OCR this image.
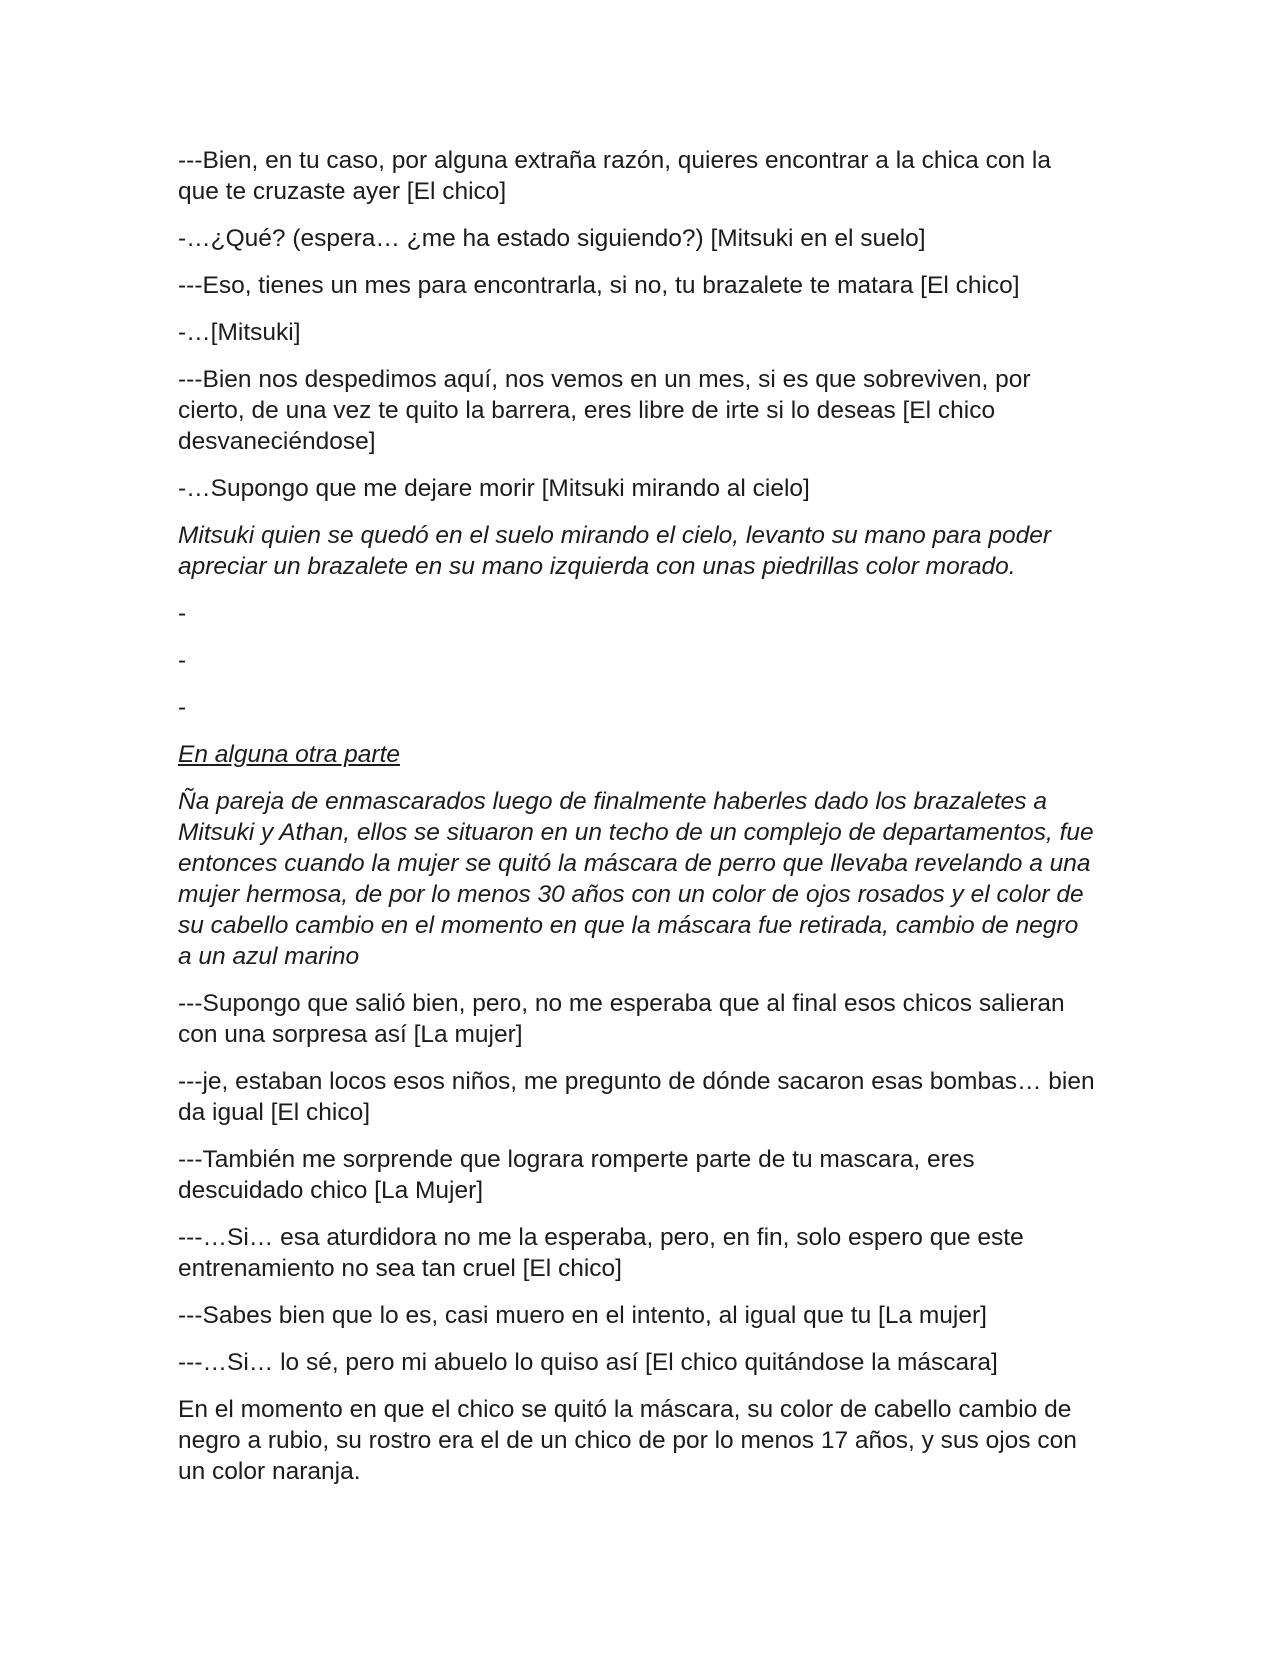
---Bien, en tu caso, por alguna extraña razón, quieres encontrar a la chica con la que te cruzaste ayer [El chico]

-…¿Qué? (espera… ¿me ha estado siguiendo?) [Mitsuki en el suelo]

---Eso, tienes un mes para encontrarla, si no, tu brazalete te matara [El chico]

-…[Mitsuki]

---Bien nos despedimos aquí, nos vemos en un mes, si es que sobreviven, por cierto, de una vez te quito la barrera, eres libre de irte si lo deseas [El chico desvaneciéndose]

-…Supongo que me dejare morir [Mitsuki mirando al cielo]

Mitsuki quien se quedó en el suelo mirando el cielo, levanto su mano para poder apreciar un brazalete en su mano izquierda con unas piedrillas color morado.

-

-

-

En alguna otra parte

Ña pareja de enmascarados luego de finalmente haberles dado los brazaletes a Mitsuki y Athan, ellos se situaron en un techo de un complejo de departamentos, fue entonces cuando la mujer se quitó la máscara de perro que llevaba revelando a una mujer hermosa, de por lo menos 30 años con un color de ojos rosados y el color de su cabello cambio en el momento en que la máscara fue retirada, cambio de negro a un azul marino

---Supongo que salió bien, pero, no me esperaba que al final esos chicos salieran con una sorpresa así [La mujer]

---je, estaban locos esos niños, me pregunto de dónde sacaron esas bombas… bien da igual [El chico]

---También me sorprende que lograra romperte parte de tu mascara, eres descuidado chico [La Mujer]

---…Si… esa aturdidora no me la esperaba, pero, en fin, solo espero que este entrenamiento no sea tan cruel [El chico]

---Sabes bien que lo es, casi muero en el intento, al igual que tu [La mujer]

---…Si… lo sé, pero mi abuelo lo quiso así [El chico quitándose la máscara]

En el momento en que el chico se quitó la máscara, su color de cabello cambio de negro a rubio, su rostro era el de un chico de por lo menos 17 años, y sus ojos con un color naranja.
